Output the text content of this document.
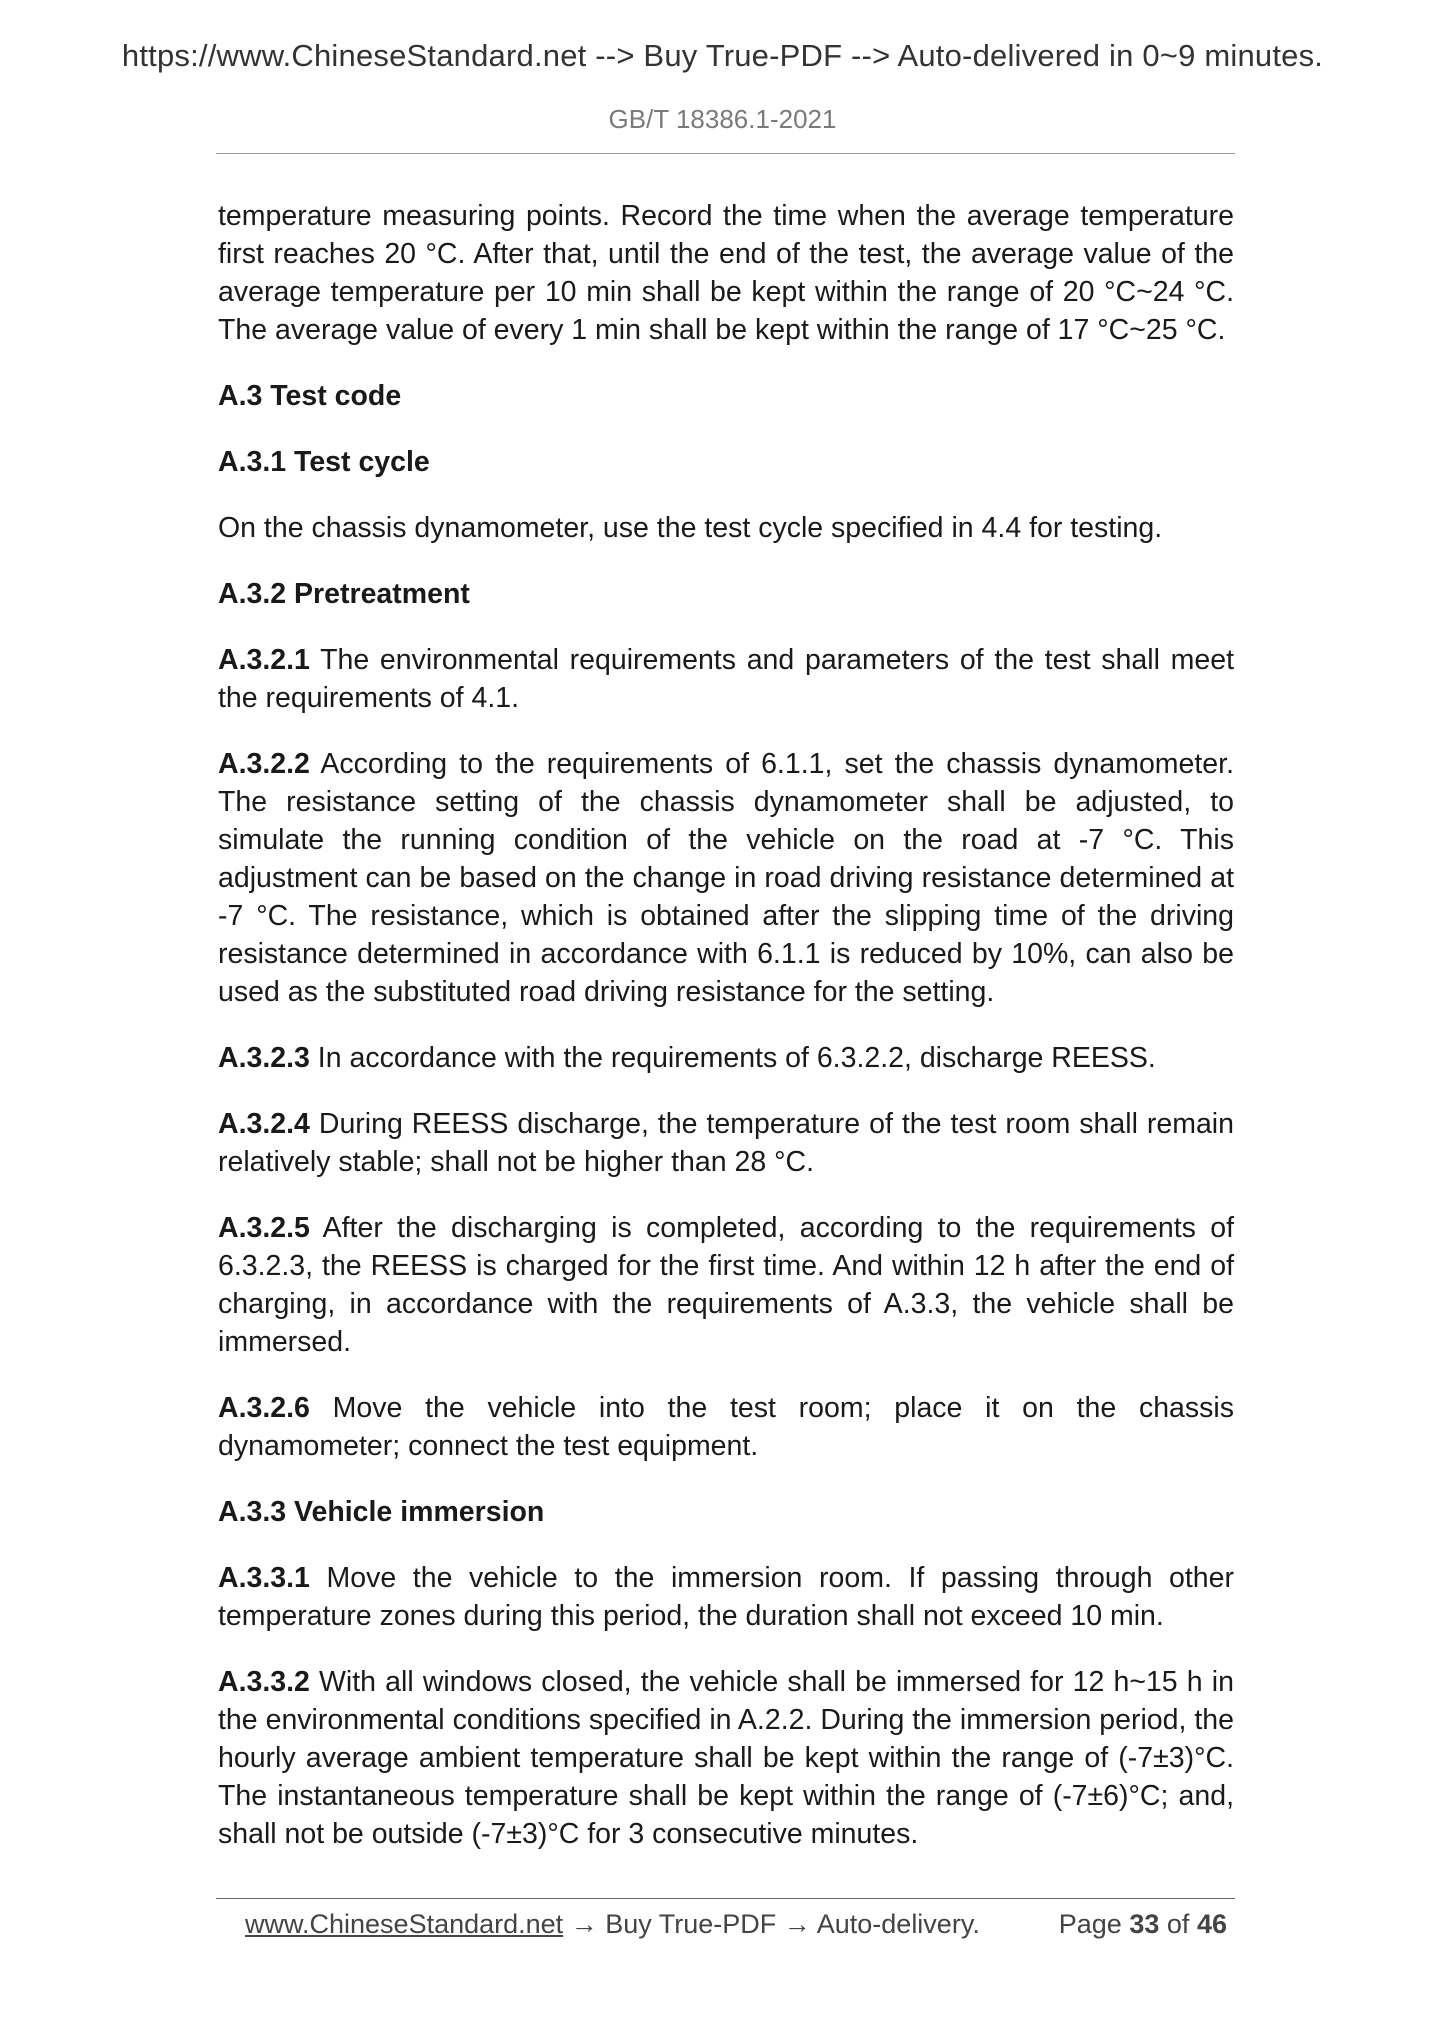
https://www.ChineseStandard.net --> Buy True-PDF --> Auto-delivered in 0~9 minutes.
GB/T 18386.1-2021

temperature measuring points. Record the time when the average temperature first reaches 20 °C. After that, until the end of the test, the average value of the average temperature per 10 min shall be kept within the range of 20 °C~24 °C. The average value of every 1 min shall be kept within the range of 17 °C~25 °C.

A.3 Test code

A.3.1 Test cycle

On the chassis dynamometer, use the test cycle specified in 4.4 for testing.

A.3.2 Pretreatment

A.3.2.1 The environmental requirements and parameters of the test shall meet the requirements of 4.1.

A.3.2.2 According to the requirements of 6.1.1, set the chassis dynamometer. The resistance setting of the chassis dynamometer shall be adjusted, to simulate the running condition of the vehicle on the road at -7 °C. This adjustment can be based on the change in road driving resistance determined at -7 °C. The resistance, which is obtained after the slipping time of the driving resistance determined in accordance with 6.1.1 is reduced by 10%, can also be used as the substituted road driving resistance for the setting.

A.3.2.3 In accordance with the requirements of 6.3.2.2, discharge REESS.

A.3.2.4 During REESS discharge, the temperature of the test room shall remain relatively stable; shall not be higher than 28 °C.

A.3.2.5 After the discharging is completed, according to the requirements of 6.3.2.3, the REESS is charged for the first time. And within 12 h after the end of charging, in accordance with the requirements of A.3.3, the vehicle shall be immersed.

A.3.2.6 Move the vehicle into the test room; place it on the chassis dynamometer; connect the test equipment.

A.3.3 Vehicle immersion

A.3.3.1 Move the vehicle to the immersion room. If passing through other temperature zones during this period, the duration shall not exceed 10 min.

A.3.3.2 With all windows closed, the vehicle shall be immersed for 12 h~15 h in the environmental conditions specified in A.2.2. During the immersion period, the hourly average ambient temperature shall be kept within the range of (-7±3)°C. The instantaneous temperature shall be kept within the range of (-7±6)°C; and, shall not be outside (-7±3)°C for 3 consecutive minutes.

www.ChineseStandard.net → Buy True-PDF → Auto-delivery.	Page 33 of 46
